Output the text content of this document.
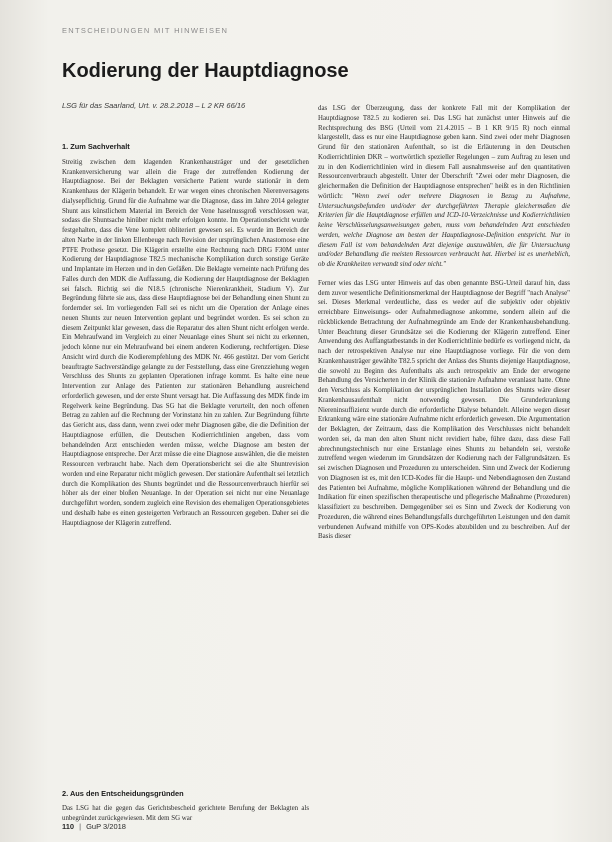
ENTSCHEIDUNGEN MIT HINWEISEN
Kodierung der Hauptdiagnose
LSG für das Saarland, Urt. v. 28.2.2018 – L 2 KR 66/16
1. Zum Sachverhalt

Streitig zwischen dem klagenden Krankenhausträger und der gesetzlichen Krankenversicherung war allein die Frage der zutreffenden Kodierung der Hauptdiagnose. Bei der Beklagten versicherte Patient wurde stationär in dem Krankenhaus der Klägerin behandelt. Er war wegen eines chronischen Nierenversagens dialysepflichtig. Grund für die Aufnahme war die Diagnose, dass im Jahre 2014 gelegter Shunt aus künstlichem Material im Bereich der Vene haselnussgroß verschlossen war, sodass die Shuntsache hinüber nicht mehr erfolgen konnte. Im Operationsbericht wurde festgehalten, dass die Vene komplett obliteriert gewesen sei. Es wurde im Bereich der alten Narbe in der linken Ellenbeuge nach Revision der ursprünglichen Anastomose eine PTFE Prothese gesetzt. Die Klägerin erstellte eine Rechnung nach DRG F30M unter Kodierung der Hauptdiagnose T82.5 mechanische Komplikation durch sonstige Geräte und Implantate im Herzen und in den Gefäßen. Die Beklagte verneinte nach Prüfung des Falles durch den MDK die Auffassung, die Kodierung der Hauptdiagnose der Beklagten sei falsch. Richtig sei die N18.5 (chronische Nierenkrankheit, Stadium V). Zur Begründung führte sie aus, dass diese Hauptdiagnose bei der Behandlung einen Shunt zu fordernder sei. Im vorliegenden Fall sei es nicht um die Operation der Anlage eines neuen Shunts zur neuen Intervention geplant und begründet worden. Es sei schon zu diesem Zeitpunkt klar gewesen, dass die Reparatur des alten Shunt nicht erfolgen werde. Ein Mehraufwand im Vergleich zu einer Neuanlage eines Shunt sei nicht zu erkennen, jedoch könne nur ein Mehraufwand bei einem anderen Kodierung, rechtfertigen. Diese Ansicht wird durch die Kodierempfehlung des MDK Nr. 466 gestützt. Der vom Gericht beauftragte Sachverständige gelangte zu der Feststellung, dass eine Grenzziehung wegen Verschluss des Shunts zu geplanten Operationen infrage kommt. Es halte eine neue Intervention zur Anlage des Patienten zur stationären Behandlung ausreichend erforderlich gewesen, und der erste Shunt versagt hat. Die Auffassung des MDK finde im Regelwerk keine Begründung. Das SG hat die Beklagte verurteilt, den noch offenen Betrag zu zahlen auf die Rechnung der Vorinstanz hin zu zahlen. Zur Begründung führte das Gericht aus, dass dann, wenn zwei oder mehr Diagnosen gäbe, die die Definition der Hauptdiagnose erfüllen, die Deutschen Kodierrichtlinien angeben, dass vom behandelnden Arzt entschieden werden müsse, welche Diagnose am besten der Hauptdiagnose entspreche. Der Arzt müsse die eine Diagnose auswählen, die die meisten Ressourcen verbraucht habe. Nach dem Operationsbericht sei die alte Shuntrevision worden und eine Reparatur nicht möglich gewesen. Der stationäre Aufenthalt sei letztlich durch die Komplikation des Shunts begründet und die Ressourcenverbrauch hierfür sei höher als der einer bloßen Neuanlage. In der Operation sei nicht nur eine Neuanlage durchgeführt worden, sondern zugleich eine Revision des ehemaligen Operationsgebietes und deshalb habe es einen gesteigerten Verbrauch an Ressourcen gegeben. Daher sei die Hauptdiagnose der Klägerin zutreffend.

2. Aus den Entscheidungsgründen
Das LSG hat die gegen das Gerichtsbescheid gerichtete Berufung der Beklagten als unbegründet zurückgewiesen. Mit dem SG war

das LSG der Überzeugung, dass der konkrete Fall mit der Komplikation der Hauptdiagnose T82.5 zu kodieren sei. Das LSG hat zunächst unter Hinweis auf die Rechtsprechung des BSG (Urteil vom 21.4.2015 – B 1 KR 9/15 R) noch einmal klargestellt, dass es nur eine Hauptdiagnose geben kann. Sind zwei oder mehr Diagnosen Grund für den stationären Aufenthalt, so ist die Erläuterung in den Deutschen Kodierrichtlinien DKR – wortwörtlich spezieller Regelungen – zum Auftrag zu lesen und zu in den Kodierrichtlinien wird in diesem Fall ausnahmsweise auf den quantitativen Ressourcenverbrauch abgestellt. Unter der Überschrift "Zwei oder mehr Diagnosen, die gleichermaßen die Definition der Hauptdiagnose entsprechen" heißt es in den Richtlinien wörtlich: "Wenn zwei oder mehrere Diagnosen in Bezug zu Aufnahme, Untersuchungsbefunden und/oder der durchgeführten Therapie gleichermaßen die Kriterien für die Hauptdiagnose erfüllen und ICD-10-Verzeichnisse und Kodierrichtlinien keine Verschlüsselungsanweisungen geben, muss vom behandelnden Arzt entschieden werden, welche Diagnose am besten der Hauptdiagnose-Definition entspricht. Nur in diesem Fall ist vom behandelnden Arzt diejenige auszuwählen, die für Untersuchung und/oder Behandlung die meisten Ressourcen verbraucht hat. Hierbei ist es unerheblich, ob die Krankheiten verwandt sind oder nicht."

Ferner wies das LSG unter Hinweis auf das oben genannte BSG-Urteil darauf hin, dass dem zuvor wesentliche Definitionsmerkmal der Hauptdiagnose der Begriff "nach Analyse" sei. Dieses Merkmal verdeutliche, dass es weder auf die subjektiv oder objektiv erreichbare Einweisungs- oder Aufnahmediagnose ankomme, sondern allein auf die rückblickende Betrachtung der Aufnahmegründe am Ende der Krankenhausbehandlung. Unter Beachtung dieser Grundsätze sei die Kodierung der Klägerin zutreffend. Einer Anwendung des Auffangtatbestands in der Kodierrichtlinie bedürfe es vorliegend nicht, da nach der retrospektiven Analyse nur eine Hauptdiagnose vorliege. Für die von dem Krankenhausträger gewählte T82.5 spricht der Anlass des Shunts diejenige Hauptdiagnose, die sowohl zu Beginn des Aufenthalts als auch retrospektiv am Ende der erwogene Behandlung des Versicherten in der Klinik die stationäre Aufnahme veranlasst hatte. Ohne den Verschluss als Komplikation der ursprünglichen Installation des Shunts wäre dieser Krankenhausaufenthalt nicht notwendig gewesen. Die Grunderkrankung Niereninsuffizienz wurde durch die erforderliche Dialyse behandelt. Alleine wegen dieser Erkrankung wäre eine stationäre Aufnahme nicht erforderlich gewesen. Die Argumentation der Beklagten, der Zeitraum, dass die Komplikation des Verschlusses nicht behandelt worden sei, da man den alten Shunt nicht revidiert habe, führe dazu, dass diese Fall abrechnungstechnisch nur eine Erstanlage eines Shunts zu behandeln sei, verstoße zutreffend wegen wiederum im Grundsätzen der Kodierung nach der Fallgrundsätzen. Es sei zwischen Diagnosen und Prozeduren zu unterscheiden. Sinn und Zweck der Kodierung von Diagnosen ist es, mit den ICD-Kodes für die Haupt- und Nebendiagnosen den Zustand des Patienten bei Aufnahme, mögliche Komplikationen während der Behandlung und die Indikation für einen spezifischen therapeutische und pflegerische Maßnahme (Prozeduren) klassifiziert zu beschreiben. Demgegenüber sei es Sinn und Zweck der Kodierung von Prozeduren, die während eines Behandlungsfalls durchgeführten Leistungen und den damit verbundenen Aufwand mithilfe von OPS-Kodes abzubilden und zu beschreiben. Auf der Basis dieser

110 | GuP 3/2018
